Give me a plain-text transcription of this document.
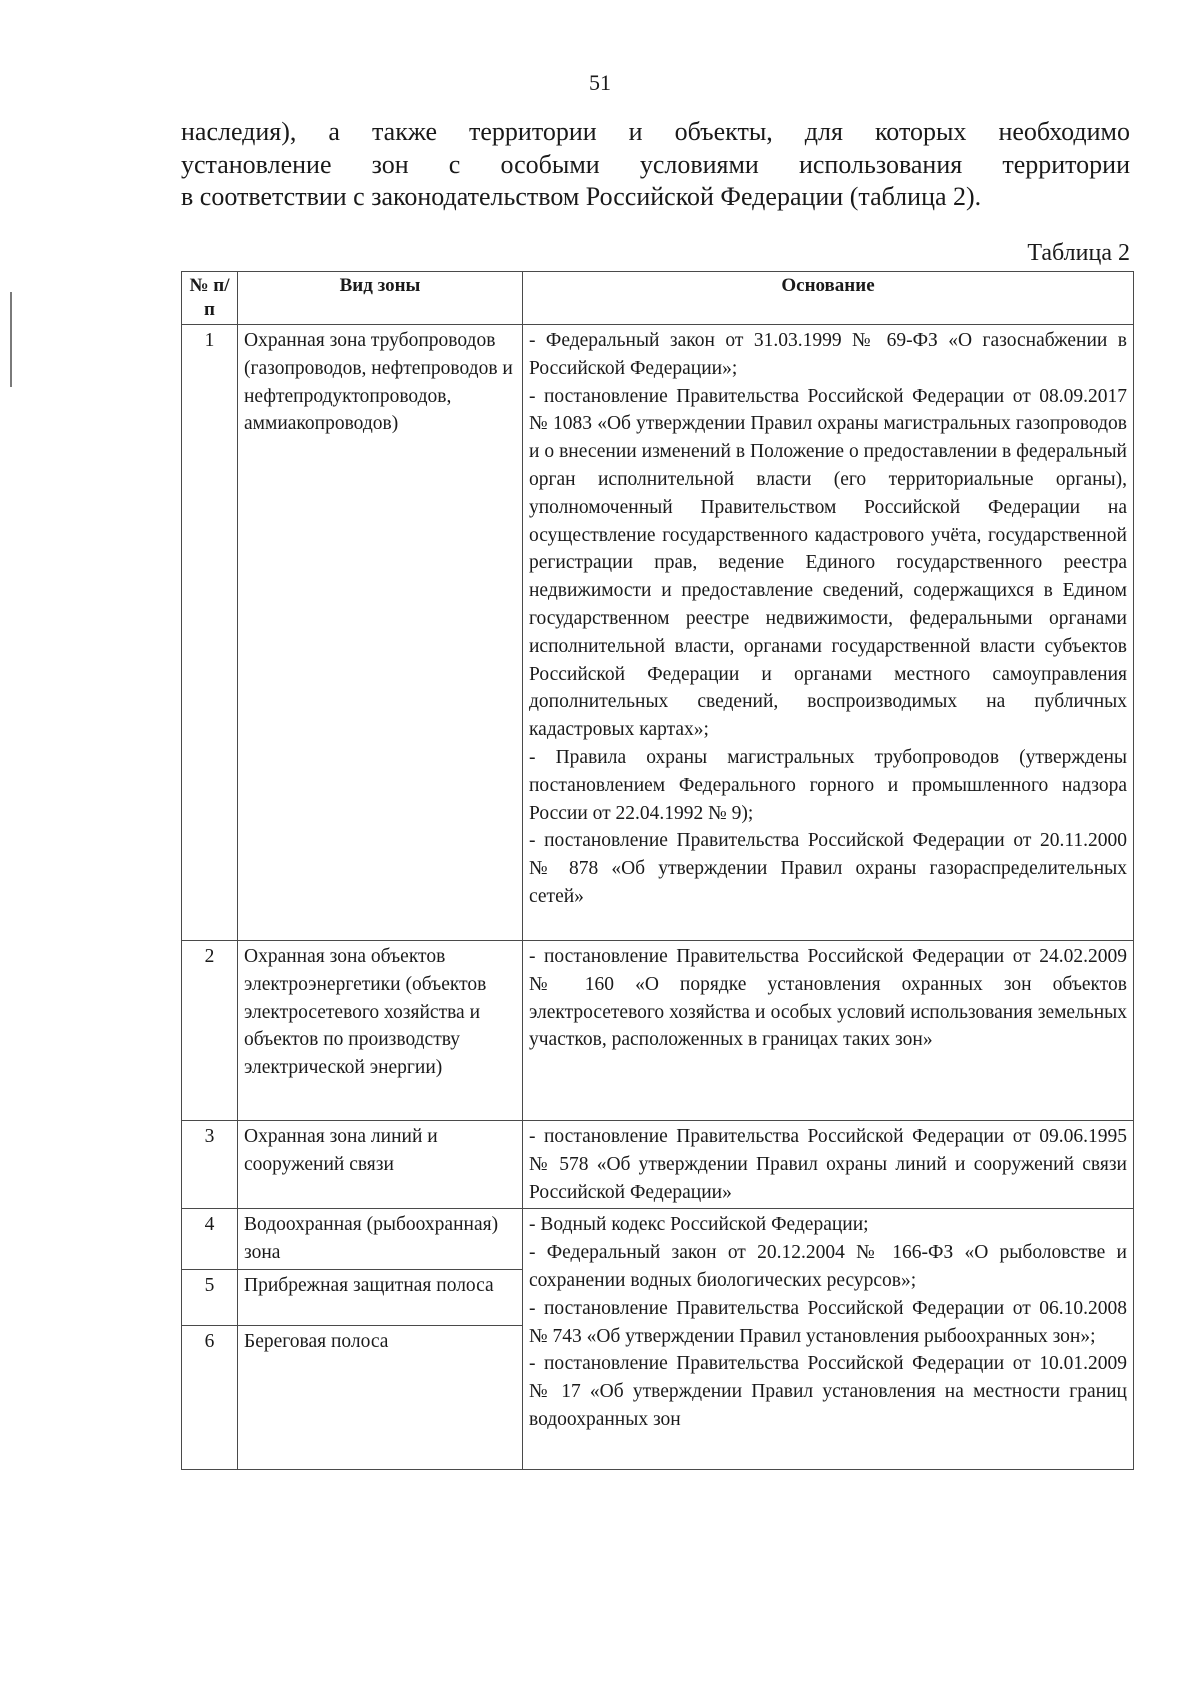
51
наследия), а также территории и объекты, для которых необходимо
установление зон с особыми условиями использования территории
в соответствии с законодательством Российской Федерации (таблица 2).
Таблица 2
№ п/п	Вид зоны	Основание
1	Охранная зона трубопроводов (газопроводов, нефтепроводов и нефтепродуктопроводов, аммиакопроводов)	- Федеральный закон от 31.03.1999 № 69-ФЗ «О газоснабжении в Российской Федерации»;
- постановление Правительства Российской Федерации от 08.09.2017 № 1083 «Об утверждении Правил охраны магистральных газопроводов и о внесении изменений в Положение о предоставлении в федеральный орган исполнительной власти (его территориальные органы), уполномоченный Правительством Российской Федерации на осуществление государственного кадастрового учёта, государственной регистрации прав, ведение Единого государственного реестра недвижимости и предоставление сведений, содержащихся в Едином государственном реестре недвижимости, федеральными органами исполнительной власти, органами государственной власти субъектов Российской Федерации и органами местного самоуправления дополнительных сведений, воспроизводимых на публичных кадастровых картах»;
- Правила охраны магистральных трубопроводов (утверждены постановлением Федерального горного и промышленного надзора России от 22.04.1992 № 9);
- постановление Правительства Российской Федерации от 20.11.2000 № 878 «Об утверждении Правил охраны газораспределительных сетей»

2	Охранная зона объектов электроэнергетики (объектов электросетевого хозяйства и объектов по производству электрической энергии)	- постановление Правительства Российской Федерации от 24.02.2009 № 160 «О порядке установления охранных зон объектов электросетевого хозяйства и особых условий использования земельных участков, расположенных в границах таких зон»

3	Охранная зона линий и сооружений связи	- постановление Правительства Российской Федерации от 09.06.1995 № 578 «Об утверждении Правил охраны линий и сооружений связи Российской Федерации»

4	Водоохранная (рыбоохранная) зона	- Водный кодекс Российской Федерации;
- Федеральный закон от 20.12.2004 № 166-ФЗ «О рыболовстве и сохранении водных биологических ресурсов»;
- постановление Правительства Российской Федерации от 06.10.2008 № 743 «Об утверждении Правил установления рыбоохранных зон»;
- постановление Правительства Российской Федерации от 10.01.2009 № 17 «Об утверждении Правил установления на местности границ водоохранных зон

5	Прибрежная защитная полоса	
6	Береговая полоса	
